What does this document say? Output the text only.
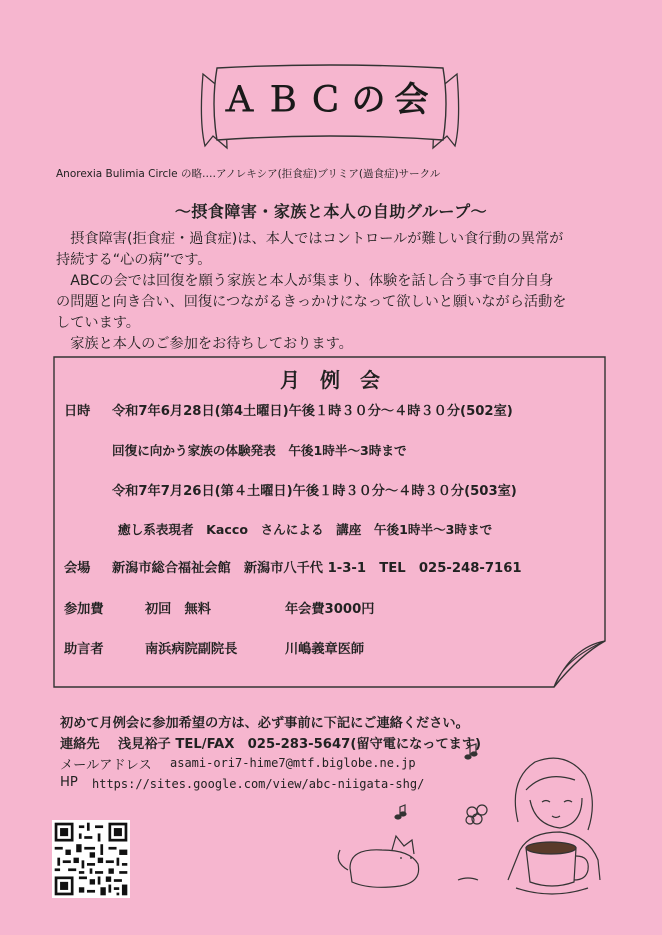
ＡＢＣの会
Anorexia Bulimia Circle の略‥‥アノレキシア(拒食症)ブリミア(過食症)サークル
〜摂食障害・家族と本人の自助グループ〜
　摂食障害(拒食症・過食症)は、本人ではコントロールが難しい食行動の異常が
持続する“心の病”です。
　ABCの会では回復を願う家族と本人が集まり、体験を話し合う事で自分自身
の問題と向き合い、回復につながるきっかけになって欲しいと願いながら活動を
しています。
　家族と本人のご参加をお待ちしております。
月例会
日時 令和7年6月28日(第4土曜日)午後１時３０分〜４時３０分(502室)
回復に向かう家族の体験発表　午後1時半〜3時まで
令和7年7月26日(第４土曜日)午後１時３０分〜４時３０分(503室)
癒し系表現者　Kacco　さんによる　講座　午後1時半〜3時まで
会場 新潟市総合福祉会館　新潟市八千代 1-3-1　TEL　025-248-7161
参加費	初回　無料	年会費3000円
助言者	南浜病院副院長	川嶋義章医師
初めて月例会に参加希望の方は、必ず事前に下記にご連絡ください。
連絡先 浅見裕子 TEL/FAX　025-283-5647(留守電になってます)
メールアドレス asami-ori7-hime7@mtf.biglobe.ne.jp
HP https://sites.google.com/view/abc-niigata-shg/
